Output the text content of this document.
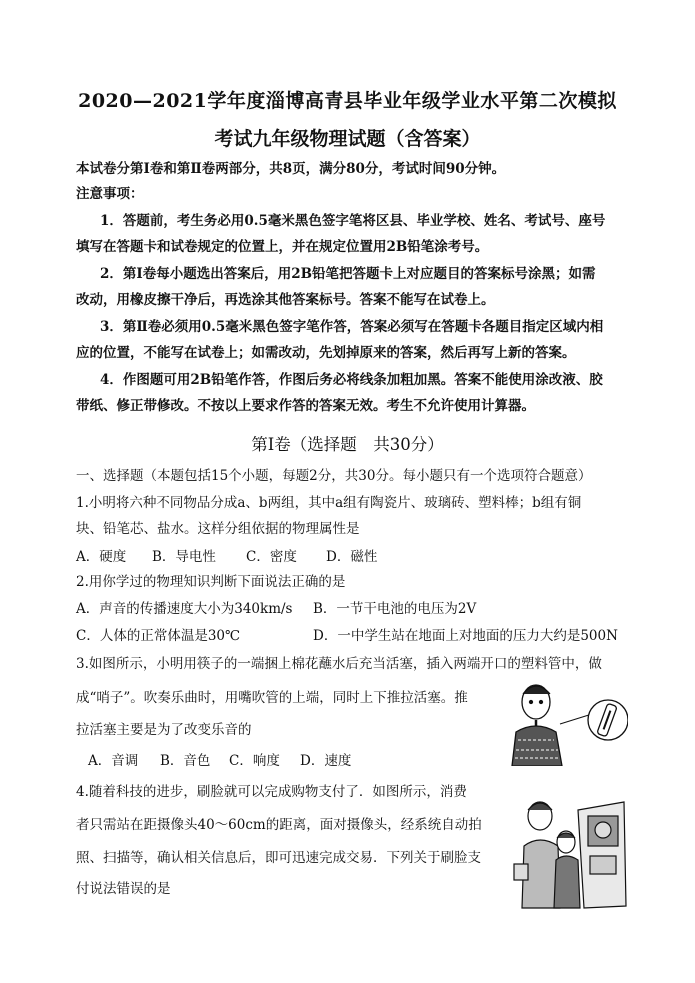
2020—2021学年度淄博高青县毕业年级学业水平第二次模拟
考试九年级物理试题（含答案）
本试卷分第Ⅰ卷和第Ⅱ卷两部分，共8页，满分80分，考试时间90分钟。
注意事项：
1．答题前，考生务必用0.5毫米黑色签字笔将区县、毕业学校、姓名、考试号、座号
填写在答题卡和试卷规定的位置上，并在规定位置用2B铅笔涂考号。
2．第Ⅰ卷每小题选出答案后，用2B铅笔把答题卡上对应题目的答案标号涂黑；如需
改动，用橡皮擦干净后，再选涂其他答案标号。答案不能写在试卷上。
3．第Ⅱ卷必须用0.5毫米黑色签字笔作答，答案必须写在答题卡各题目指定区域内相
应的位置，不能写在试卷上；如需改动，先划掉原来的答案，然后再写上新的答案。
4．作图题可用2B铅笔作答，作图后务必将线条加粗加黑。答案不能使用涂改液、胶
带纸、修正带修改。不按以上要求作答的答案无效。考生不允许使用计算器。
第Ⅰ卷（选择题　共30分）
一、选择题（本题包括15个小题，每题2分，共30分。每小题只有一个选项符合题意）
1.小明将六种不同物品分成a、b两组，其中a组有陶瓷片、玻璃砖、塑料棒；b组有铜
块、铅笔芯、盐水。这样分组依据的物理属性是
A．硬度 B．导电性 C．密度 D．磁性
2.用你学过的物理知识判断下面说法正确的是
A．声音的传播速度大小为340km/s B．一节干电池的电压为2V
C．人体的正常体温是30℃	D．一中学生站在地面上对地面的压力大约是500N
3.如图所示，小明用筷子的一端捆上棉花蘸水后充当活塞，插入两端开口的塑料管中，做
成“哨子”。吹奏乐曲时，用嘴吹管的上端，同时上下推拉活塞。推
拉活塞主要是为了改变乐音的
A．音调 B．音色 C．响度 D．速度
4.随着科技的进步，刷脸就可以完成购物支付了．如图所示，消费
者只需站在距摄像头40～60cm的距离，面对摄像头，经系统自动拍
照、扫描等，确认相关信息后，即可迅速完成交易．下列关于刷脸支
付说法错误的是
